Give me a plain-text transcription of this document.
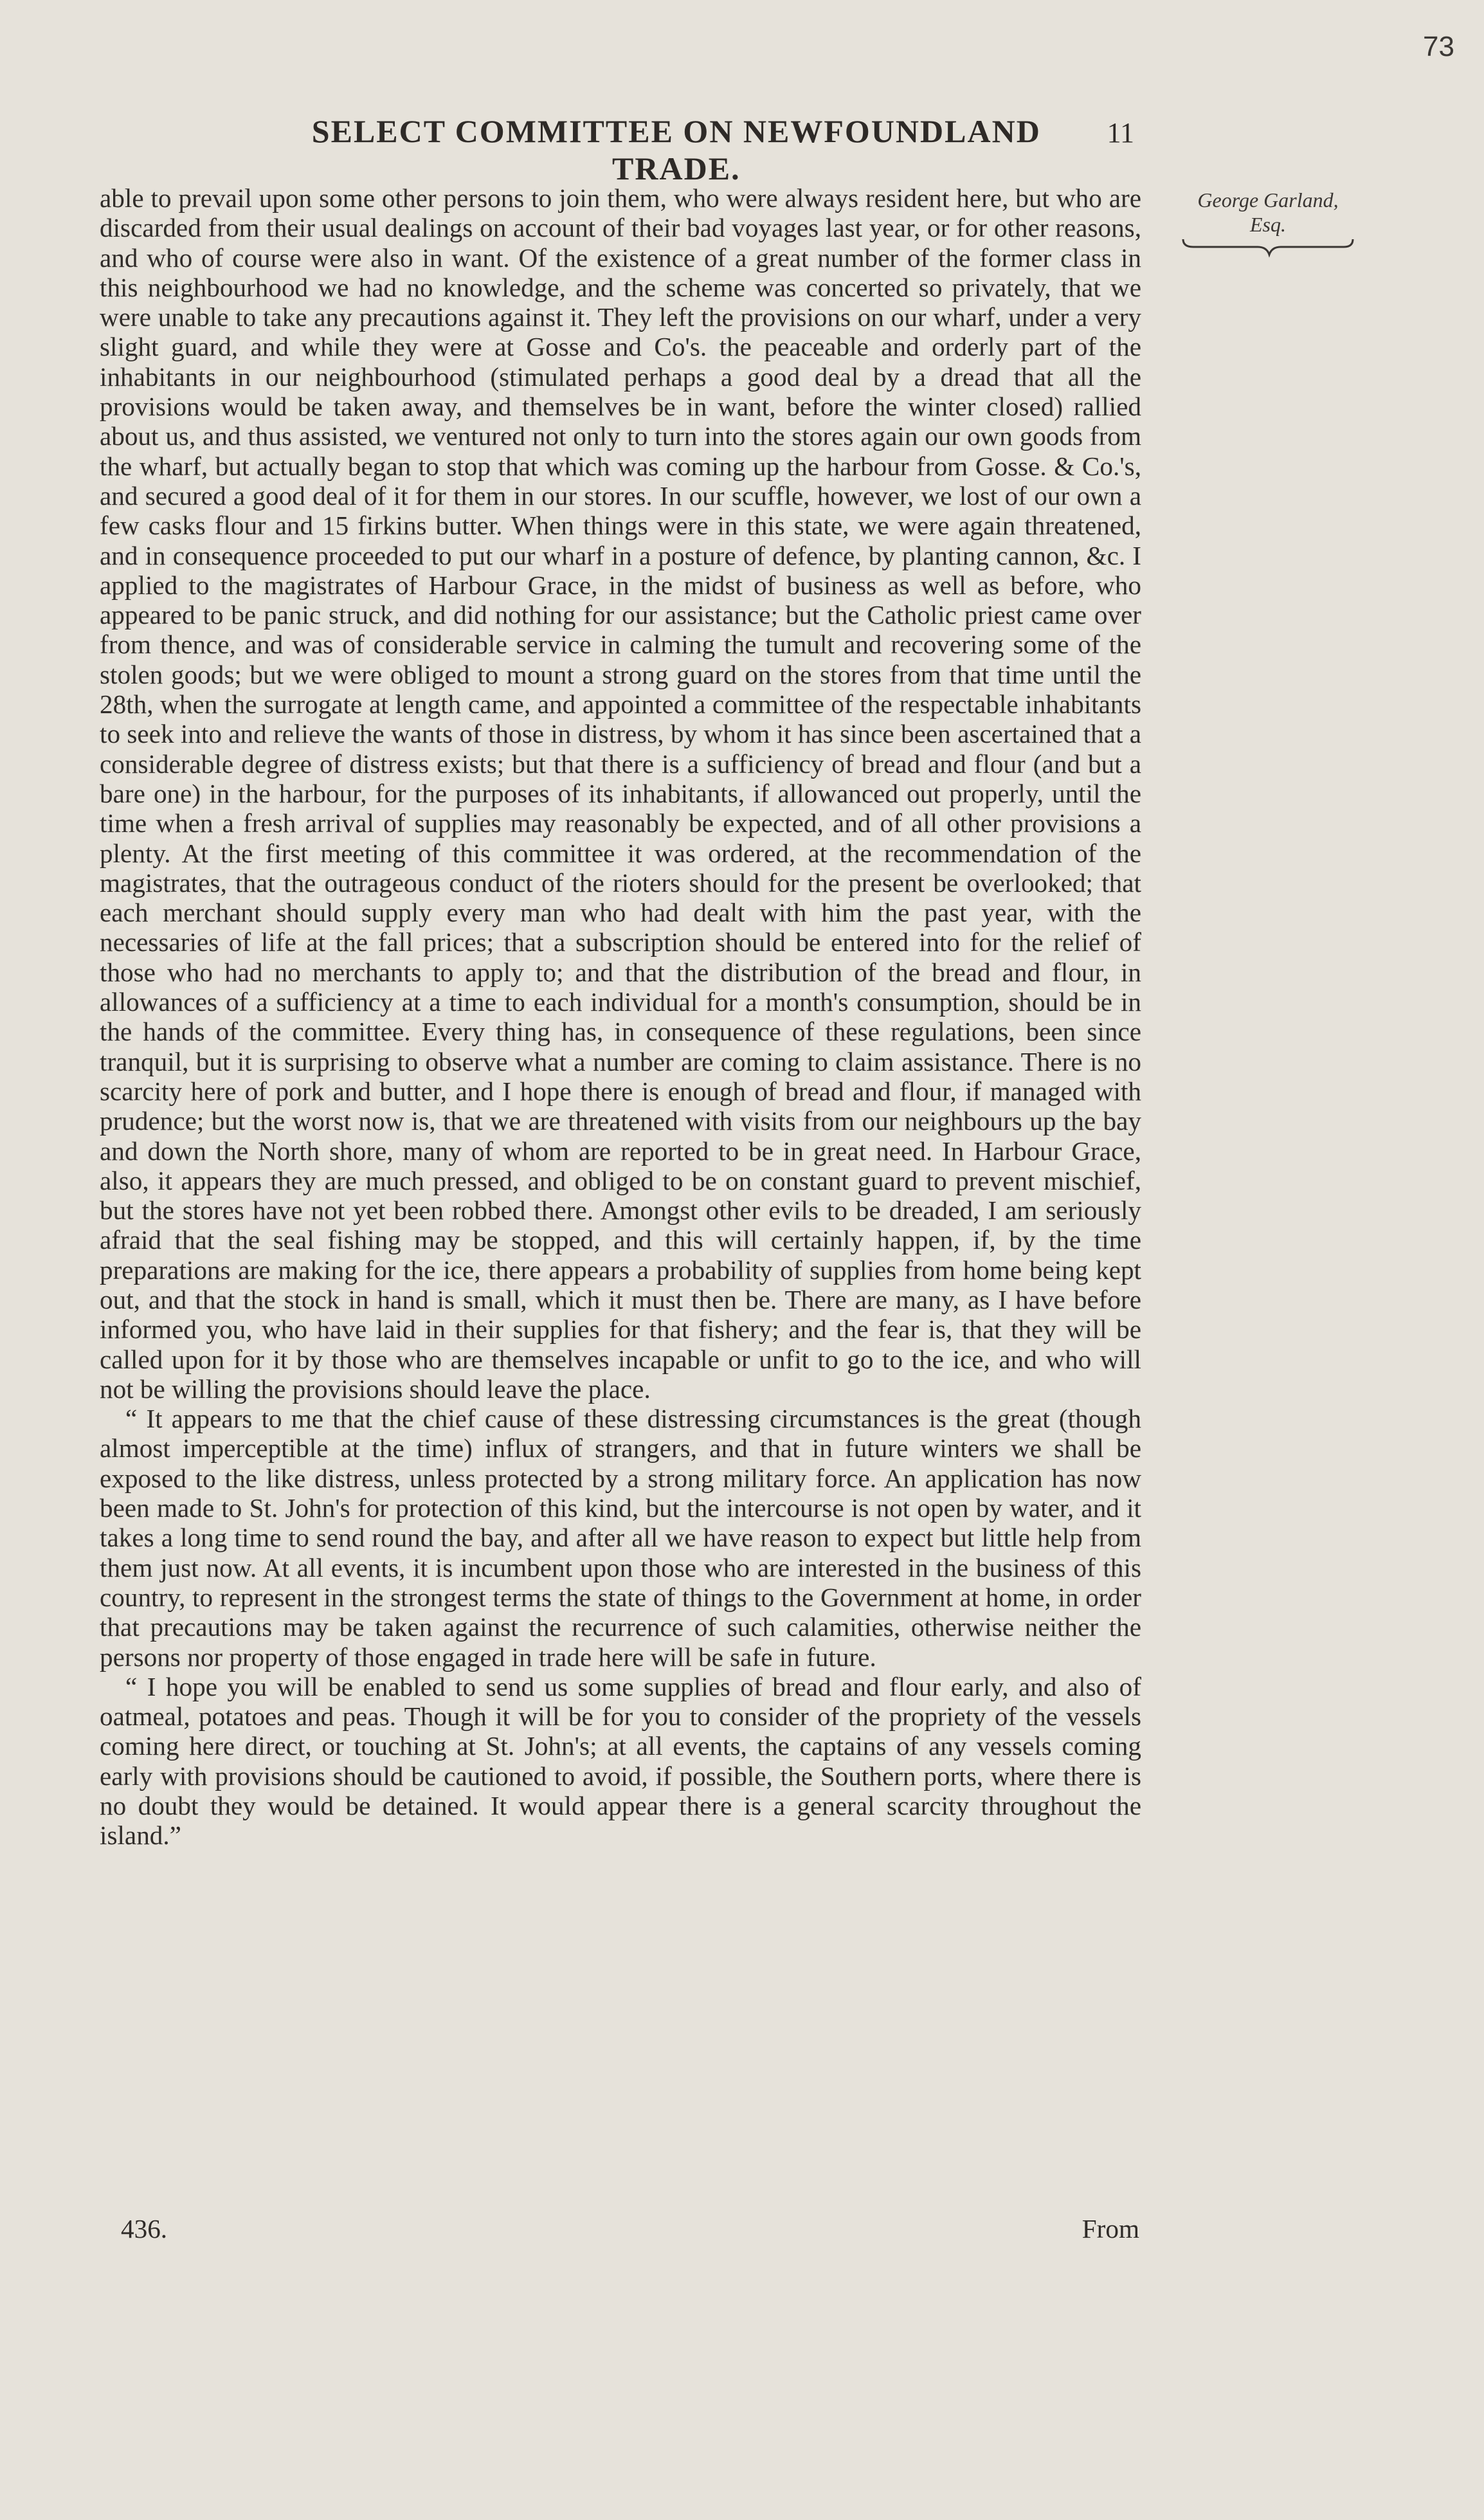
73
SELECT COMMITTEE ON NEWFOUNDLAND TRADE.
11
George Garland,
Esq.

able to prevail upon some other persons to join them, who were always resident here, but who are discarded from their usual dealings on account of their bad voyages last year, or for other reasons, and who of course were also in want. Of the existence of a great number of the former class in this neighbourhood we had no knowledge, and the scheme was concerted so privately, that we were unable to take any precautions against it. They left the provisions on our wharf, under a very slight guard, and while they were at Gosse and Co's. the peaceable and orderly part of the inhabitants in our neighbourhood (stimulated perhaps a good deal by a dread that all the provisions would be taken away, and themselves be in want, before the winter closed) rallied about us, and thus assisted, we ventured not only to turn into the stores again our own goods from the wharf, but actually began to stop that which was coming up the harbour from Gosse. & Co.'s, and secured a good deal of it for them in our stores. In our scuffle, however, we lost of our own a few casks flour and 15 firkins butter. When things were in this state, we were again threatened, and in consequence proceeded to put our wharf in a posture of defence, by planting cannon, &c. I applied to the magistrates of Harbour Grace, in the midst of business as well as before, who appeared to be panic struck, and did nothing for our assistance; but the Catholic priest came over from thence, and was of considerable service in calming the tumult and recovering some of the stolen goods; but we were obliged to mount a strong guard on the stores from that time until the 28th, when the surrogate at length came, and appointed a committee of the respectable inhabitants to seek into and relieve the wants of those in distress, by whom it has since been ascertained that a considerable degree of distress exists; but that there is a sufficiency of bread and flour (and but a bare one) in the harbour, for the purposes of its inhabitants, if allowanced out properly, until the time when a fresh arrival of supplies may reasonably be expected, and of all other provisions a plenty. At the first meeting of this committee it was ordered, at the recommendation of the magistrates, that the outrageous conduct of the rioters should for the present be overlooked; that each merchant should supply every man who had dealt with him the past year, with the necessaries of life at the fall prices; that a subscription should be entered into for the relief of those who had no merchants to apply to; and that the distribution of the bread and flour, in allowances of a sufficiency at a time to each individual for a month's consumption, should be in the hands of the committee. Every thing has, in consequence of these regulations, been since tranquil, but it is surprising to observe what a number are coming to claim assistance. There is no scarcity here of pork and butter, and I hope there is enough of bread and flour, if managed with prudence; but the worst now is, that we are threatened with visits from our neighbours up the bay and down the North shore, many of whom are reported to be in great need. In Harbour Grace, also, it appears they are much pressed, and obliged to be on constant guard to prevent mischief, but the stores have not yet been robbed there. Amongst other evils to be dreaded, I am seriously afraid that the seal fishing may be stopped, and this will certainly happen, if, by the time preparations are making for the ice, there appears a probability of supplies from home being kept out, and that the stock in hand is small, which it must then be. There are many, as I have before informed you, who have laid in their supplies for that fishery; and the fear is, that they will be called upon for it by those who are themselves incapable or unfit to go to the ice, and who will not be willing the provisions should leave the place.

“ It appears to me that the chief cause of these distressing circumstances is the great (though almost imperceptible at the time) influx of strangers, and that in future winters we shall be exposed to the like distress, unless protected by a strong military force. An application has now been made to St. John's for protection of this kind, but the intercourse is not open by water, and it takes a long time to send round the bay, and after all we have reason to expect but little help from them just now. At all events, it is incumbent upon those who are interested in the business of this country, to represent in the strongest terms the state of things to the Government at home, in order that precautions may be taken against the recurrence of such calamities, otherwise neither the persons nor property of those engaged in trade here will be safe in future.

“ I hope you will be enabled to send us some supplies of bread and flour early, and also of oatmeal, potatoes and peas. Though it will be for you to consider of the propriety of the vessels coming here direct, or touching at St. John's; at all events, the captains of any vessels coming early with provisions should be cautioned to avoid, if possible, the Southern ports, where there is no doubt they would be detained. It would appear there is a general scarcity throughout the island.”

436.	From
